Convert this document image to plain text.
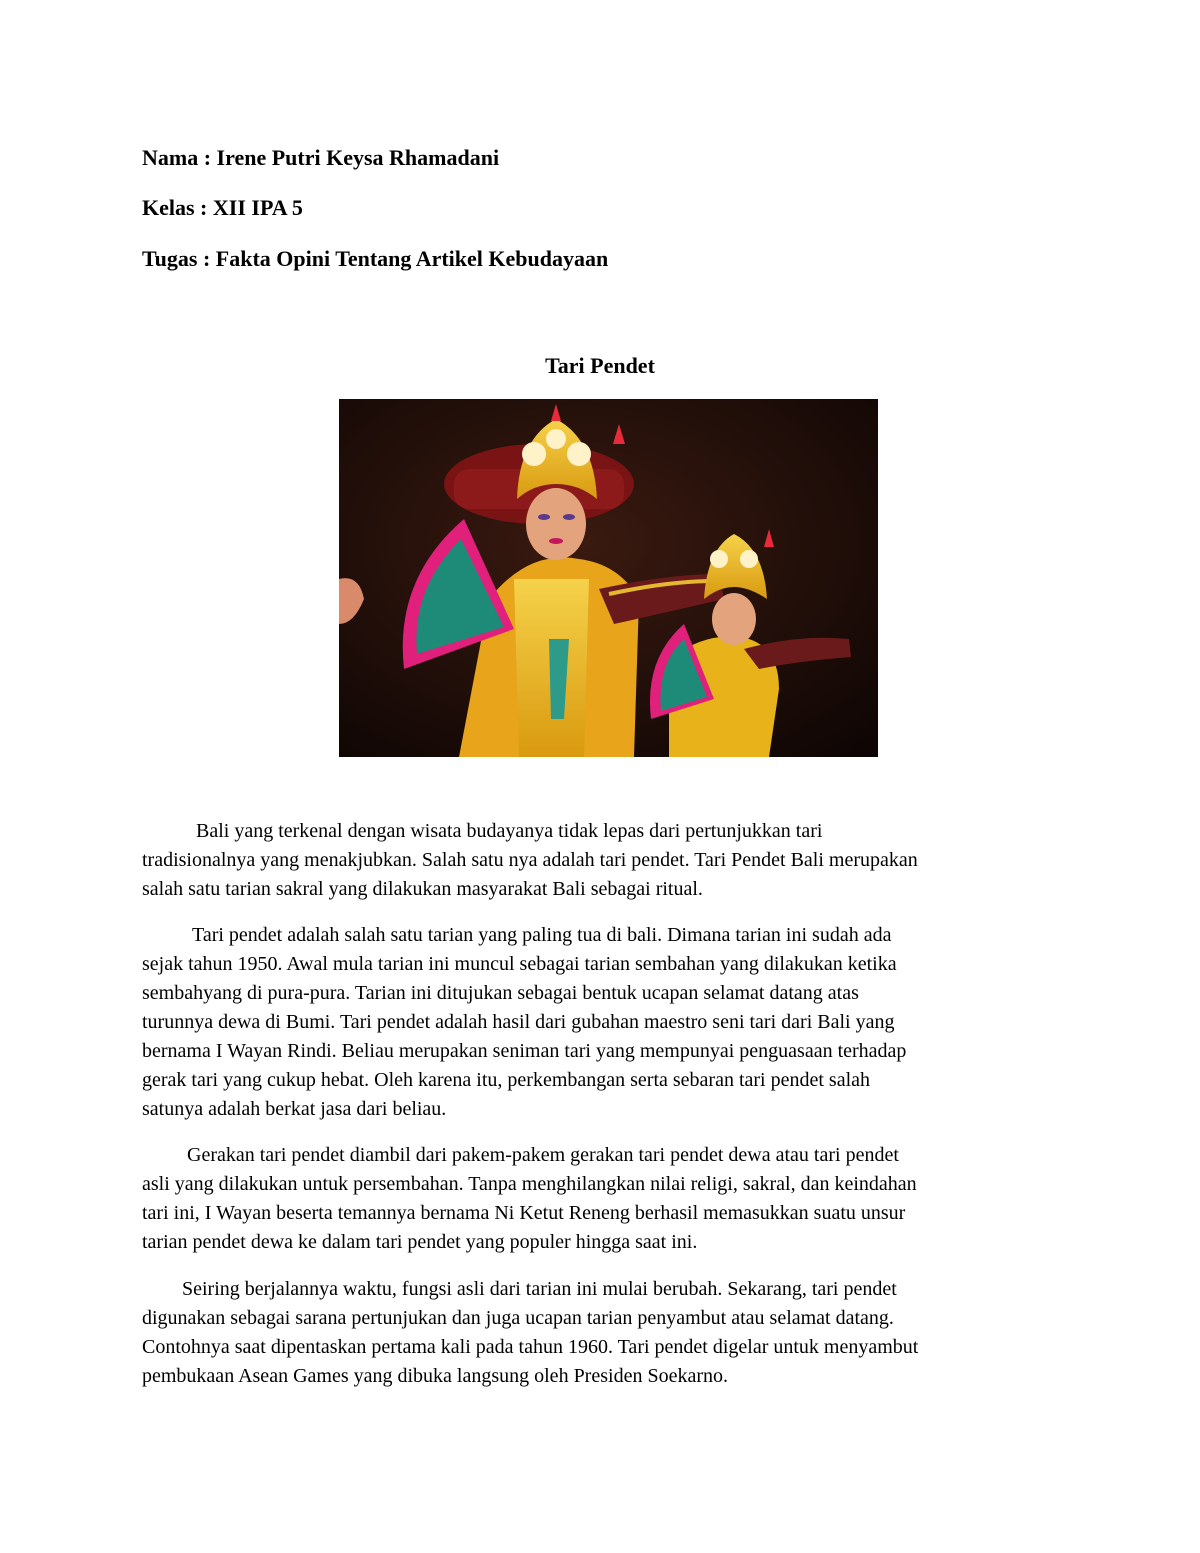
Nama : Irene Putri Keysa Rhamadani
Kelas : XII IPA 5
Tugas : Fakta Opini Tentang Artikel Kebudayaan
Tari Pendet
Bali yang terkenal dengan wisata budayanya tidak lepas dari pertunjukkan tari
tradisionalnya yang menakjubkan. Salah satu nya adalah tari pendet. Tari Pendet Bali merupakan
salah satu tarian sakral yang dilakukan masyarakat Bali sebagai ritual.
Tari pendet adalah salah satu tarian yang paling tua di bali. Dimana tarian ini sudah ada
sejak tahun 1950. Awal mula tarian ini muncul sebagai tarian sembahan yang dilakukan ketika
sembahyang di pura-pura. Tarian ini ditujukan sebagai bentuk ucapan selamat datang atas
turunnya dewa di Bumi. Tari pendet adalah hasil dari gubahan maestro seni tari dari Bali yang
bernama I Wayan Rindi. Beliau merupakan seniman tari yang mempunyai penguasaan terhadap
gerak tari yang cukup hebat. Oleh karena itu, perkembangan serta sebaran tari pendet salah
satunya adalah berkat jasa dari beliau.
Gerakan tari pendet diambil dari pakem-pakem gerakan tari pendet dewa atau tari pendet
asli yang dilakukan untuk persembahan. Tanpa menghilangkan nilai religi, sakral, dan keindahan
tari ini, I Wayan beserta temannya bernama Ni Ketut Reneng berhasil memasukkan suatu unsur
tarian pendet dewa ke dalam tari pendet yang populer hingga saat ini.
Seiring berjalannya waktu, fungsi asli dari tarian ini mulai berubah. Sekarang, tari pendet
digunakan sebagai sarana pertunjukan dan juga ucapan tarian penyambut atau selamat datang.
Contohnya saat dipentaskan pertama kali pada tahun 1960. Tari pendet digelar untuk menyambut
pembukaan Asean Games yang dibuka langsung oleh Presiden Soekarno.
